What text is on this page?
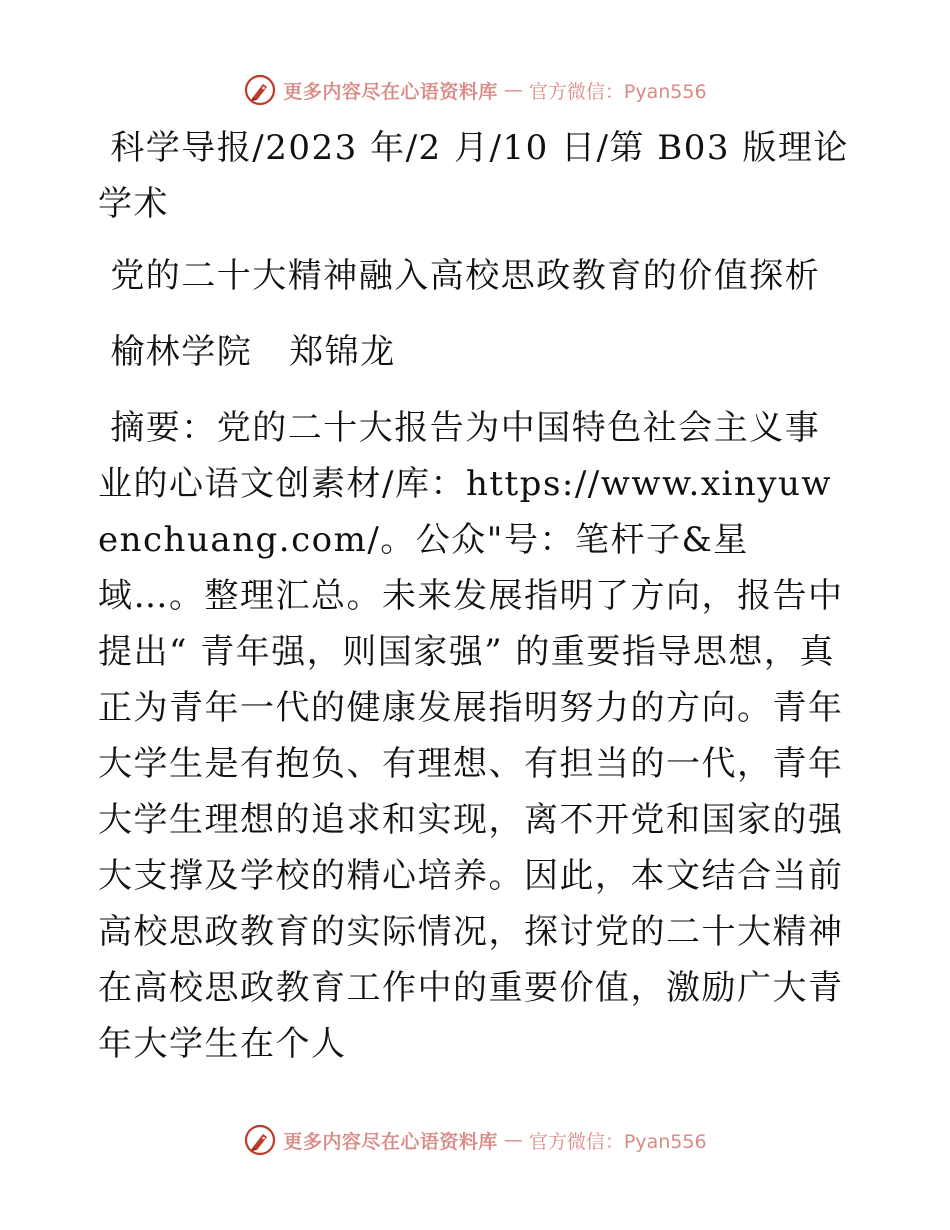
更多内容尽在心语资料库 — 官方微信：Pyan556

科学导报/2023 年/2 月/10 日/第 B03 版理论学术

党的二十大精神融入高校思政教育的价值探析

榆林学院   郑锦龙

摘要：党的二十大报告为中国特色社会主义事业的心语文创素材/库：https://www.xinyuwenchuang.com/。公众"号：笔杆子&星域…。整理汇总。未来发展指明了方向，报告中提出“ 青年强，则国家强” 的重要指导思想，真正为青年一代的健康发展指明努力的方向。青年大学生是有抱负、有理想、有担当的一代，青年大学生理想的追求和实现，离不开党和国家的强大支撑及学校的精心培养。因此，本文结合当前高校思政教育的实际情况，探讨党的二十大精神在高校思政教育工作中的重要价值，激励广大青年大学生在个人

更多内容尽在心语资料库 — 官方微信：Pyan556
